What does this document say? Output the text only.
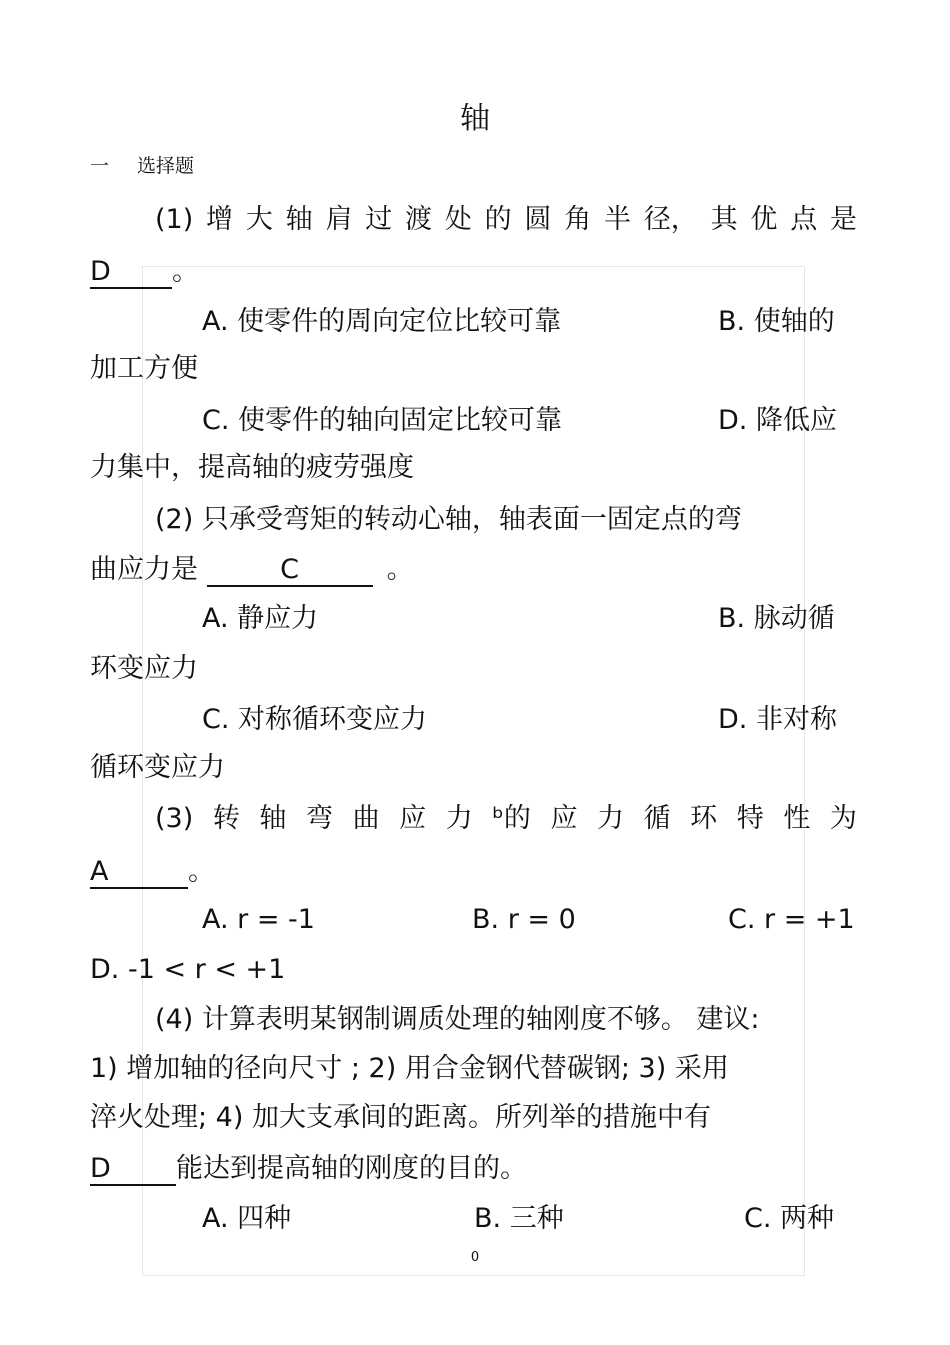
轴
一 选择题
(1) 增 大 轴 肩 过 渡 处 的 圆 角 半 径， 其 优 点 是
D 。
A. 使零件的周向定位比较可靠	B. 使轴的
加工方便
C. 使零件的轴向固定比较可靠	D. 降低应
力集中，提高轴的疲劳强度
(2) 只承受弯矩的转动心轴，轴表面一固定点的弯
曲应力是	C	。
A. 静应力	B. 脉动循
环变应力
C. 对称循环变应力	D. 非对称
循环变应力
(3) 转 轴 弯 曲 应 力 ᵇ的 应 力 循 环 特 性 为
A	。
A. r = -1	B. r = 0	C. r = +1
D. -1 < r < +1
(4) 计算表明某钢制调质处理的轴刚度不够。 建议:
1) 增加轴的径向尺寸 ; 2) 用合金钢代替碳钢; 3) 采用
淬火处理; 4) 加大支承间的距离。所列举的措施中有
D 能达到提高轴的刚度的目的。
A. 四种	B. 三种	C. 两种
0
